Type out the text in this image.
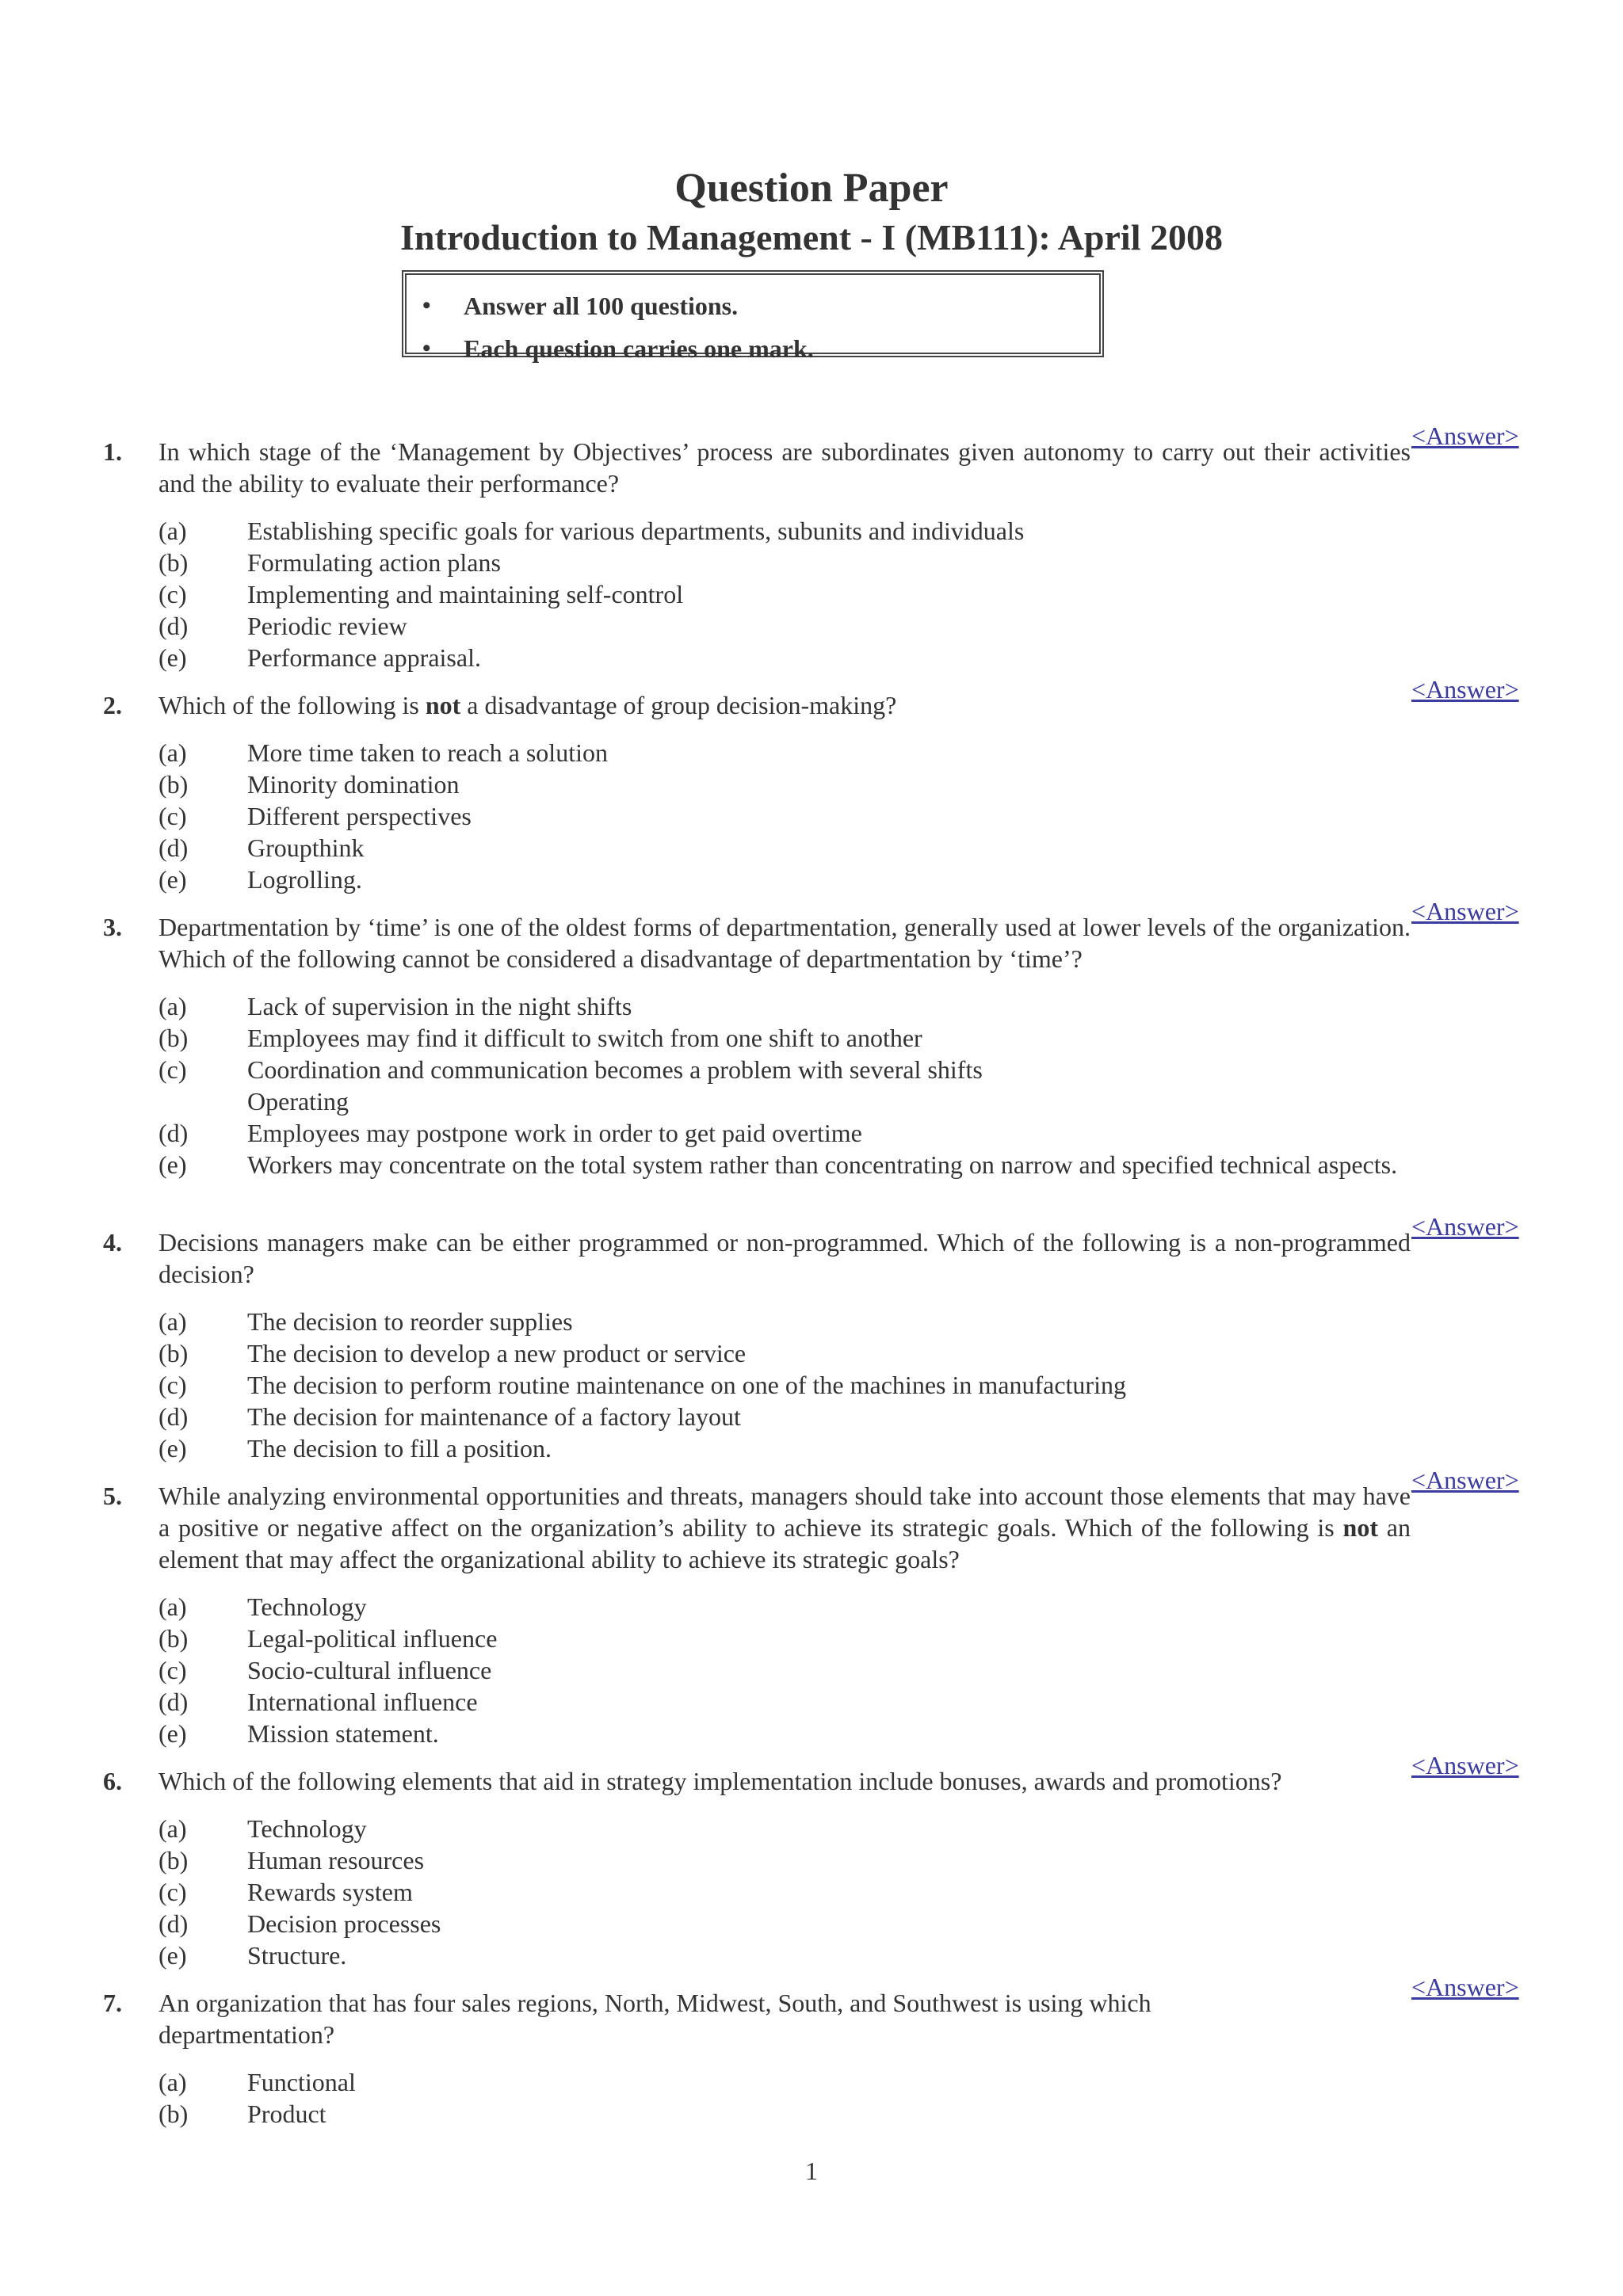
Question Paper
Introduction to Management - I (MB111): April 2008
•	Answer all 100 questions.
•	Each question carries one mark.
<Answer>
1. In which stage of the ‘Management by Objectives’ process are subordinates given autonomy to carry out their activities and the ability to evaluate their performance?
(a)	Establishing specific goals for various departments, subunits and individuals
(b)	Formulating action plans
(c)	Implementing and maintaining self-control
(d)	Periodic review
(e)	Performance appraisal.
<Answer>
2. Which of the following is not a disadvantage of group decision-making?
(a)	More time taken to reach a solution
(b)	Minority domination
(c)	Different perspectives
(d)	Groupthink
(e)	Logrolling.
<Answer>
3. Departmentation by ‘time’ is one of the oldest forms of departmentation, generally used at lower levels of the organization. Which of the following cannot be considered a disadvantage of departmentation by ‘time’?
(a)	Lack of supervision in the night shifts
(b)	Employees may find it difficult to switch from one shift to another
(c)	Coordination and communication becomes a problem with several shifts
Operating
(d)	Employees may postpone work in order to get paid overtime
(e)	Workers may concentrate on the total system rather than concentrating on narrow and specified technical aspects.
<Answer>
4. Decisions managers make can be either programmed or non-programmed. Which of the following is a non-programmed decision?
(a)	The decision to reorder supplies
(b)	The decision to develop a new product or service
(c)	The decision to perform routine maintenance on one of the machines in manufacturing
(d)	The decision for maintenance of a factory layout
(e)	The decision to fill a position.
<Answer>
5. While analyzing environmental opportunities and threats, managers should take into account those elements that may have a positive or negative affect on the organization’s ability to achieve its strategic goals. Which of the following is not an element that may affect the organizational ability to achieve its strategic goals?
(a)	Technology
(b)	Legal-political influence
(c)	Socio-cultural influence
(d)	International influence
(e)	Mission statement.
<Answer>
6. Which of the following elements that aid in strategy implementation include bonuses, awards and promotions?
(a)	Technology
(b)	Human resources
(c)	Rewards system
(d)	Decision processes
(e)	Structure.
<Answer>
7. An organization that has four sales regions, North, Midwest, South, and Southwest is using which
departmentation?
(a)	Functional
(b)	Product
1
